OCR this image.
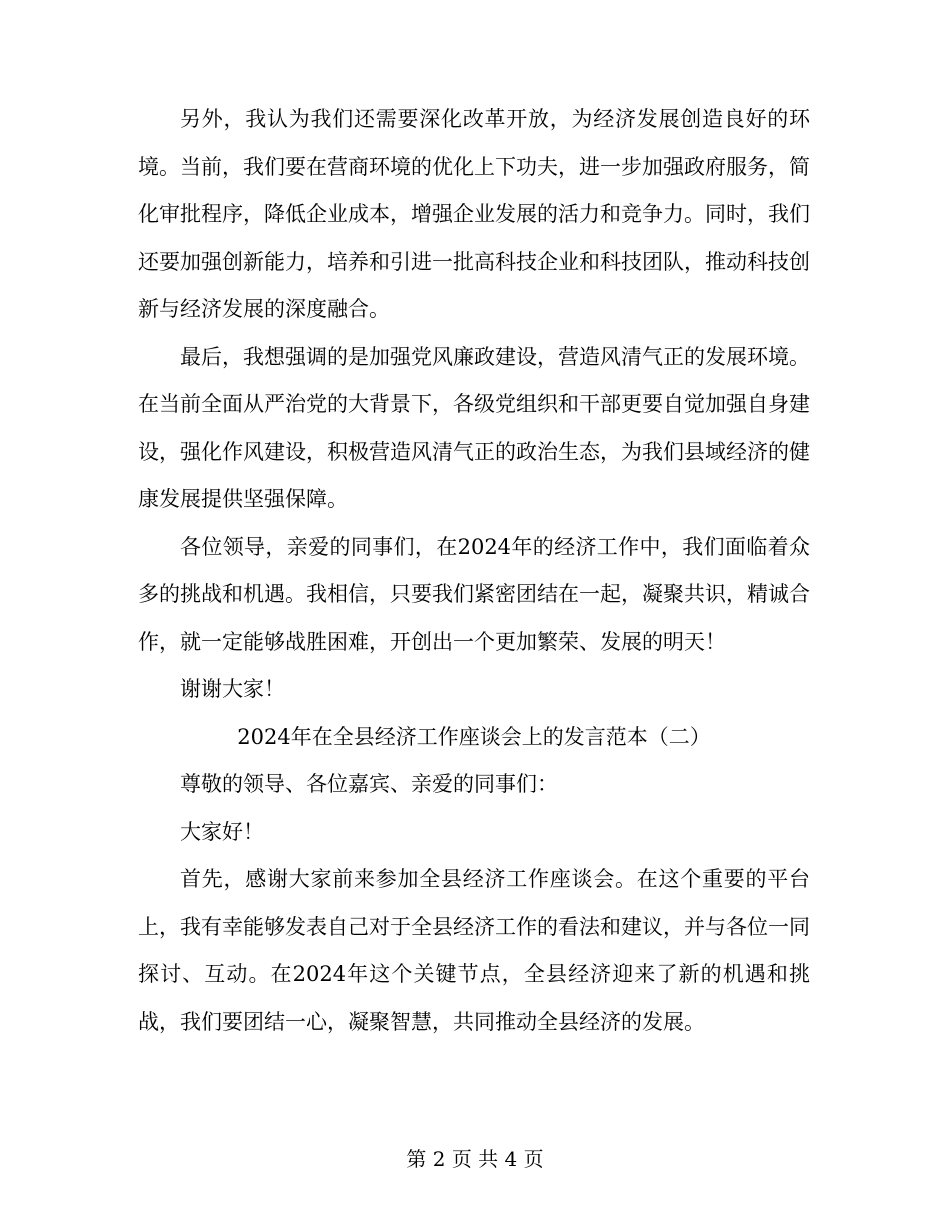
另外，我认为我们还需要深化改革开放，为经济发展创造良好的环境。当前，我们要在营商环境的优化上下功夫，进一步加强政府服务，简化审批程序，降低企业成本，增强企业发展的活力和竞争力。同时，我们还要加强创新能力，培养和引进一批高科技企业和科技团队，推动科技创新与经济发展的深度融合。

最后，我想强调的是加强党风廉政建设，营造风清气正的发展环境。在当前全面从严治党的大背景下，各级党组织和干部更要自觉加强自身建设，强化作风建设，积极营造风清气正的政治生态，为我们县域经济的健康发展提供坚强保障。

各位领导，亲爱的同事们，在2024年的经济工作中，我们面临着众多的挑战和机遇。我相信，只要我们紧密团结在一起，凝聚共识，精诚合作，就一定能够战胜困难，开创出一个更加繁荣、发展的明天！

谢谢大家！

2024年在全县经济工作座谈会上的发言范本（二）

尊敬的领导、各位嘉宾、亲爱的同事们：

大家好！

首先，感谢大家前来参加全县经济工作座谈会。在这个重要的平台上，我有幸能够发表自己对于全县经济工作的看法和建议，并与各位一同探讨、互动。在2024年这个关键节点，全县经济迎来了新的机遇和挑战，我们要团结一心，凝聚智慧，共同推动全县经济的发展。

第 2 页 共 4 页
